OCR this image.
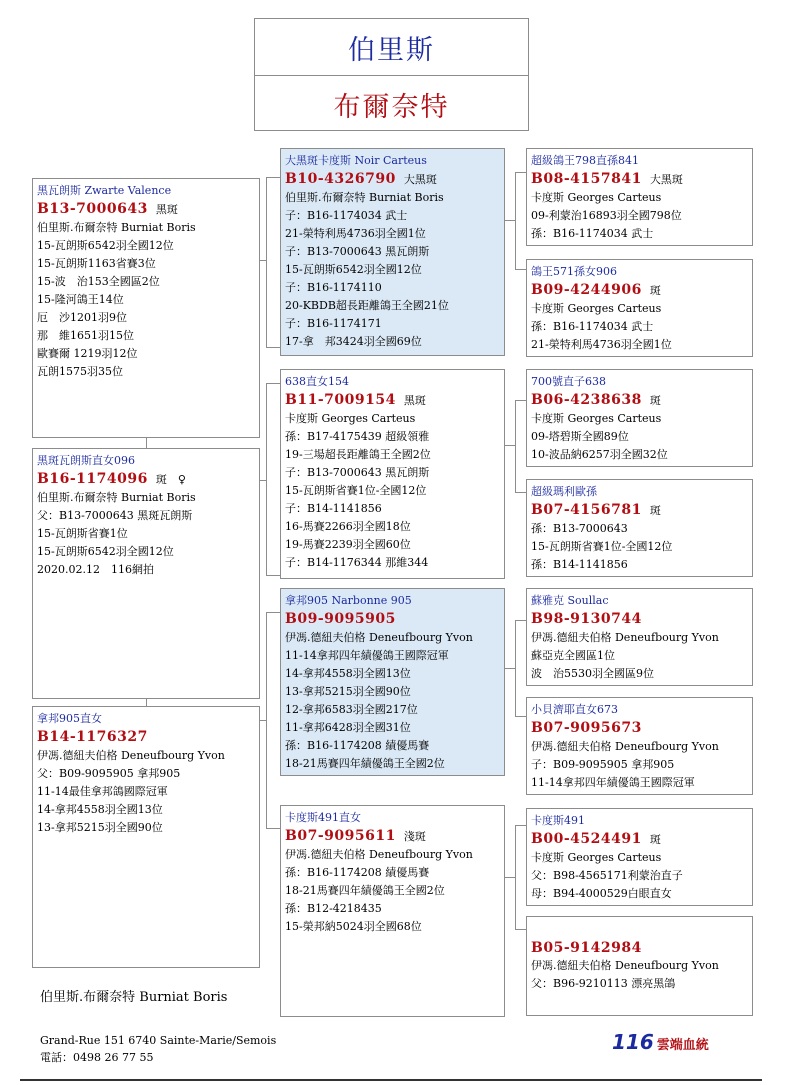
伯里斯
布爾奈特
黑瓦朗斯 Zwarte Valence
B13-7000643 黑斑
伯里斯.布爾奈特 Burniat Boris
15-瓦朗斯6542羽全國12位
15-瓦朗斯1163省賽3位
15-波　治153全國區2位
15-隆河鴿王14位
厄　沙1201羽9位
那　維1651羽15位
歐賽爾 1219羽12位
瓦朗1575羽35位
黑斑瓦朗斯直女096
B16-1174096 斑　♀
伯里斯.布爾奈特 Burniat Boris
父：B13-7000643 黑斑瓦朗斯
15-瓦朗斯省賽1位
15-瓦朗斯6542羽全國12位
2020.02.12　116網拍
拿邦905直女
B14-1176327
伊馮.德紐夫伯格 Deneufbourg Yvon
父：B09-9095905 拿邦905
11-14最佳拿邦鴿國際冠軍
14-拿邦4558羽全國13位
13-拿邦5215羽全國90位
大黑斑卡度斯 Noir Carteus
B10-4326790 大黑斑
伯里斯.布爾奈特 Burniat Boris
子：B16-1174034 武士
21-榮特利馬4736羽全國1位
子：B13-7000643 黑瓦朗斯
15-瓦朗斯6542羽全國12位
子：B16-1174110
20-KBDB超長距離鴿王全國21位
子：B16-1174171
17-拿　邦3424羽全國69位
638直女154
B11-7009154 黑斑
卡度斯 Georges Carteus
孫：B17-4175439 超級領雅
19-三場超長距離鴿王全國2位
子：B13-7000643 黑瓦朗斯
15-瓦朗斯省賽1位-全國12位
子：B14-1141856
16-馬賽2266羽全國18位
19-馬賽2239羽全國60位
子：B14-1176344 那維344
拿邦905 Narbonne 905
B09-9095905
伊馮.德紐夫伯格 Deneufbourg Yvon
11-14拿邦四年績優鴿王國際冠軍
14-拿邦4558羽全國13位
13-拿邦5215羽全國90位
12-拿邦6583羽全國217位
11-拿邦6428羽全國31位
孫：B16-1174208 績優馬賽
18-21馬賽四年績優鴿王全國2位
卡度斯491直女
B07-9095611 淺斑
伊馮.德紐夫伯格 Deneufbourg Yvon
孫：B16-1174208 績優馬賽
18-21馬賽四年績優鴿王全國2位
孫：B12-4218435
15-榮邦納5024羽全國68位
超級鴿王798直孫841
B08-4157841 大黑斑
卡度斯 Georges Carteus
09-利蒙治16893羽全國798位
孫：B16-1174034 武士
鴿王571孫女906
B09-4244906 斑
卡度斯 Georges Carteus
孫：B16-1174034 武士
21-榮特利馬4736羽全國1位
700號直子638
B06-4238638 斑
卡度斯 Georges Carteus
09-塔碧斯全國89位
10-波品納6257羽全國32位
超級瑪利歐孫
B07-4156781 斑
孫：B13-7000643
15-瓦朗斯省賽1位-全國12位
孫：B14-1141856
蘇雅克 Soullac
B98-9130744
伊馮.德紐夫伯格 Deneufbourg Yvon
蘇亞克全國區1位
波　治5530羽全國區9位
小貝濟耶直女673
B07-9095673
伊馮.德紐夫伯格 Deneufbourg Yvon
子：B09-9095905 拿邦905
11-14拿邦四年績優鴿王國際冠軍
卡度斯491
B00-4524491 斑
卡度斯 Georges Carteus
父：B98-4565171利蒙治直子
母：B94-4000529白眼直女
B05-9142984
伊馮.德紐夫伯格 Deneufbourg Yvon
父：B96-9210113 漂亮黑鴿
伯里斯.布爾奈特 Burniat Boris
Grand-Rue 151 6740 Sainte-Marie/Semois
電話：0498 26 77 55
116 雲端血統
